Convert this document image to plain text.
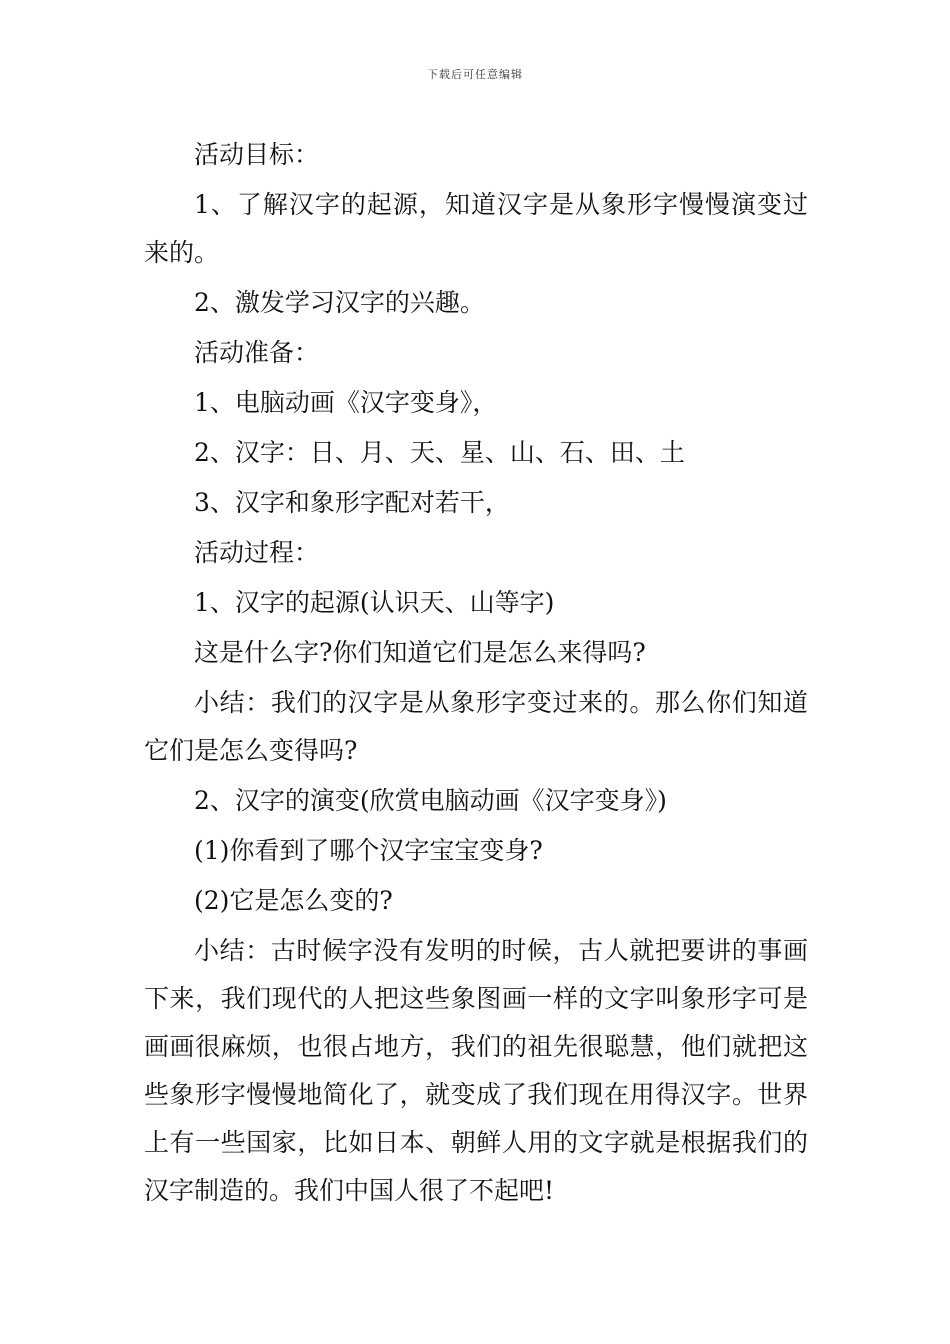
下载后可任意编辑

活动目标：

1、了解汉字的起源，知道汉字是从象形字慢慢演变过来的。

2、激发学习汉字的兴趣。

活动准备：

1、电脑动画《汉字变身》，

2、汉字：日、月、天、星、山、石、田、土

3、汉字和象形字配对若干，

活动过程：

1、汉字的起源(认识天、山等字)

这是什么字?你们知道它们是怎么来得吗?

小结：我们的汉字是从象形字变过来的。那么你们知道它们是怎么变得吗?

2、汉字的演变(欣赏电脑动画《汉字变身》)

(1)你看到了哪个汉字宝宝变身?

(2)它是怎么变的?

小结：古时候字没有发明的时候，古人就把要讲的事画下来，我们现代的人把这些象图画一样的文字叫象形字可是画画很麻烦，也很占地方，我们的祖先很聪慧，他们就把这些象形字慢慢地简化了，就变成了我们现在用得汉字。世界上有一些国家，比如日本、朝鲜人用的文字就是根据我们的汉字制造的。我们中国人很了不起吧!
